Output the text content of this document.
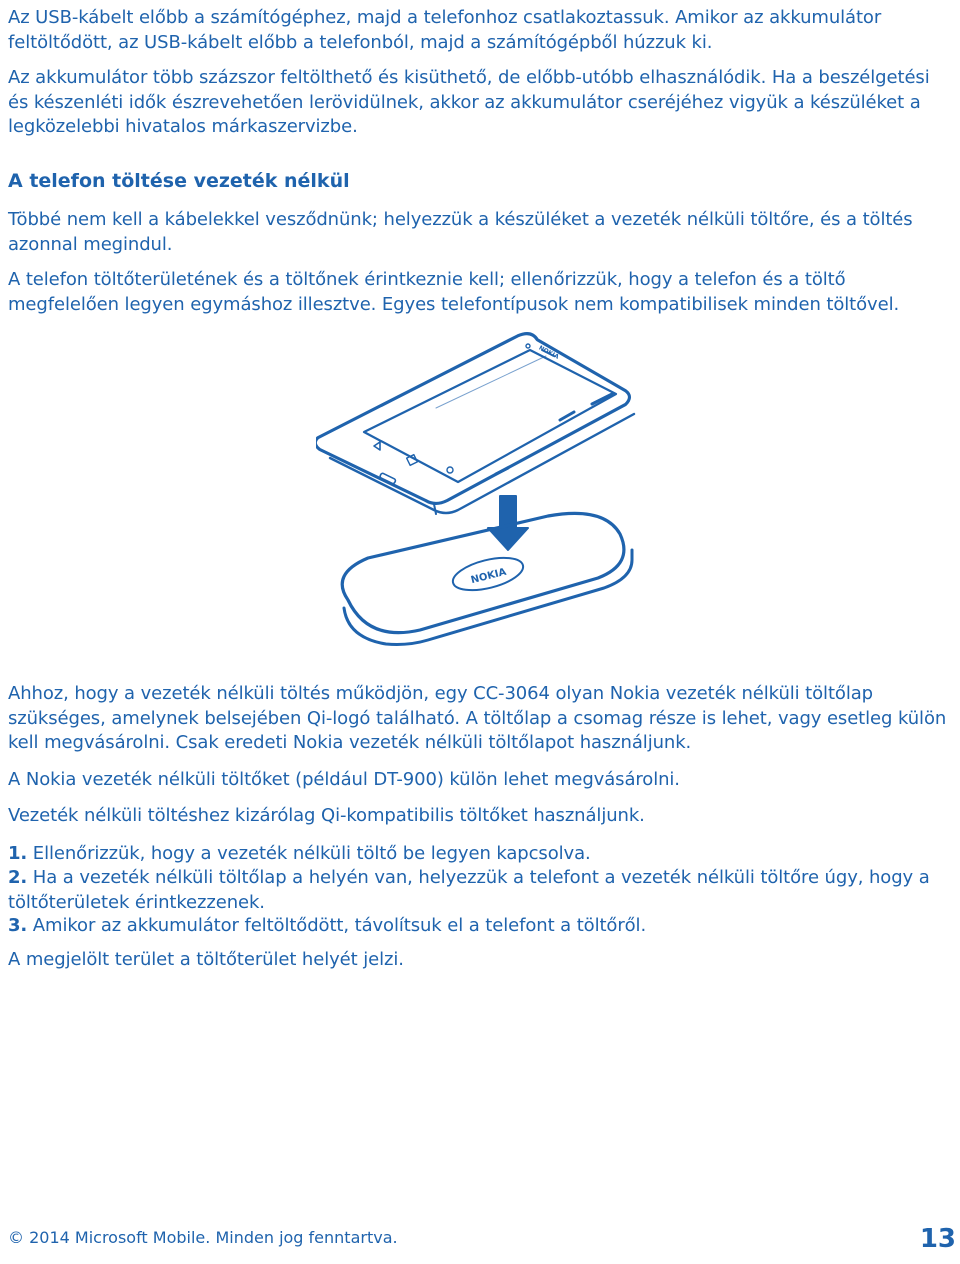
Az USB-kábelt előbb a számítógéphez, majd a telefonhoz csatlakoztassuk. Amikor az akkumulátor feltöltődött, az USB-kábelt előbb a telefonból, majd a számítógépből húzzuk ki.

Az akkumulátor több százszor feltölthető és kisüthető, de előbb-utóbb elhasználódik. Ha a beszélgetési és készenléti idők észrevehetően lerövidülnek, akkor az akkumulátor cseréjéhez vigyük a készüléket a legközelebbi hivatalos márkaszervizbe.

A telefon töltése vezeték nélkül

Többé nem kell a kábelekkel vesződnünk; helyezzük a készüléket a vezeték nélküli töltőre, és a töltés azonnal megindul.

A telefon töltőterületének és a töltőnek érintkeznie kell; ellenőrizzük, hogy a telefon és a töltő megfelelően legyen egymáshoz illesztve. Egyes telefontípusok nem kompatibilisek minden töltővel.

NOKIA
NOKIA

Ahhoz, hogy a vezeték nélküli töltés működjön, egy CC-3064 olyan Nokia vezeték nélküli töltőlap szükséges, amelynek belsejében Qi-logó található. A töltőlap a csomag része is lehet, vagy esetleg külön kell megvásárolni. Csak eredeti Nokia vezeték nélküli töltőlapot használjunk.

A Nokia vezeték nélküli töltőket (például DT-900) külön lehet megvásárolni.

Vezeték nélküli töltéshez kizárólag Qi-kompatibilis töltőket használjunk.

1. Ellenőrizzük, hogy a vezeték nélküli töltő be legyen kapcsolva.

2. Ha a vezeték nélküli töltőlap a helyén van, helyezzük a telefont a vezeték nélküli töltőre úgy, hogy a töltőterületek érintkezzenek.

3. Amikor az akkumulátor feltöltődött, távolítsuk el a telefont a töltőről.

A megjelölt terület a töltőterület helyét jelzi.

© 2014 Microsoft Mobile. Minden jog fenntartva.	13
